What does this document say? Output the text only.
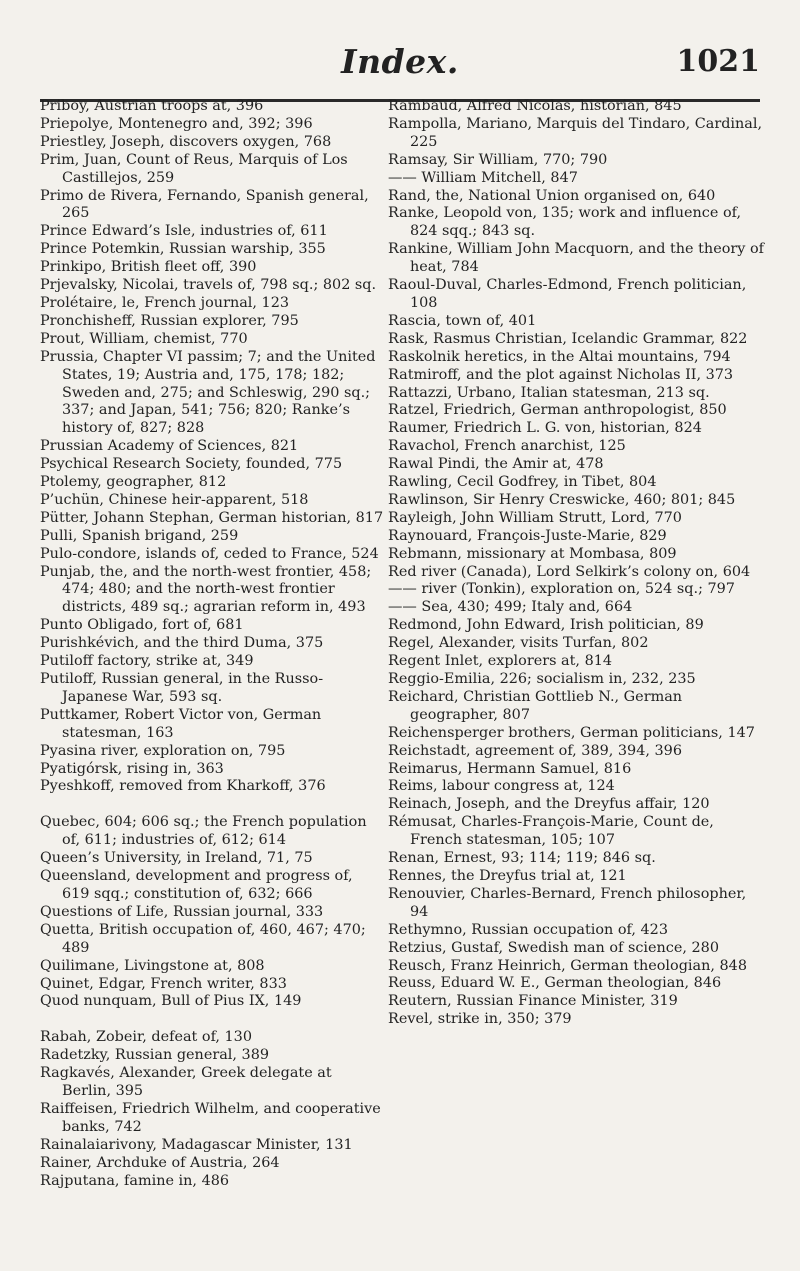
Index.	1021
Priboy, Austrian troops at, 396
Priepolye, Montenegro and, 392; 396
Priestley, Joseph, discovers oxygen, 768
Prim, Juan, Count of Reus, Marquis of Los Castillejos, 259
Primo de Rivera, Fernando, Spanish general, 265
Prince Edward’s Isle, industries of, 611
Prince Potemkin, Russian warship, 355
Prinkipo, British fleet off, 390
Prjevalsky, Nicolai, travels of, 798 sq.; 802 sq.
Prolétaire, le, French journal, 123
Pronchisheff, Russian explorer, 795
Prout, William, chemist, 770
Prussia, Chapter VI passim; 7; and the United States, 19; Austria and, 175, 178; 182; Sweden and, 275; and Schleswig, 290 sq.; 337; and Japan, 541; 756; 820; Ranke’s history of, 827; 828
Prussian Academy of Sciences, 821
Psychical Research Society, founded, 775
Ptolemy, geographer, 812
P’uchün, Chinese heir-apparent, 518
Pütter, Johann Stephan, German historian, 817
Pulli, Spanish brigand, 259
Pulo-condore, islands of, ceded to France, 524
Punjab, the, and the north-west frontier, 458; 474; 480; and the north-west frontier districts, 489 sq.; agrarian reform in, 493
Punto Obligado, fort of, 681
Purishkévich, and the third Duma, 375
Putiloff factory, strike at, 349
Putiloff, Russian general, in the Russo-Japanese War, 593 sq.
Puttkamer, Robert Victor von, German statesman, 163
Pyasina river, exploration on, 795
Pyatigórsk, rising in, 363
Pyeshkoff, removed from Kharkoff, 376
Quebec, 604; 606 sq.; the French population of, 611; industries of, 612; 614
Queen’s University, in Ireland, 71, 75
Queensland, development and progress of, 619 sqq.; constitution of, 632; 666
Questions of Life, Russian journal, 333
Quetta, British occupation of, 460, 467; 470; 489
Quilimane, Livingstone at, 808
Quinet, Edgar, French writer, 833
Quod nunquam, Bull of Pius IX, 149
Rabah, Zobeir, defeat of, 130
Radetzky, Russian general, 389
Ragkavés, Alexander, Greek delegate at Berlin, 395
Raiffeisen, Friedrich Wilhelm, and cooperative banks, 742
Rainalaiarivony, Madagascar Minister, 131
Rainer, Archduke of Austria, 264
Rajputana, famine in, 486
Rambaud, Alfred Nicolas, historian, 845
Rampolla, Mariano, Marquis del Tindaro, Cardinal, 225
Ramsay, Sir William, 770; 790
—— William Mitchell, 847
Rand, the, National Union organised on, 640
Ranke, Leopold von, 135; work and influence of, 824 sqq.; 843 sq.
Rankine, William John Macquorn, and the theory of heat, 784
Raoul-Duval, Charles-Edmond, French politician, 108
Rascia, town of, 401
Rask, Rasmus Christian, Icelandic Grammar, 822
Raskolnik heretics, in the Altai mountains, 794
Ratmiroff, and the plot against Nicholas II, 373
Rattazzi, Urbano, Italian statesman, 213 sq.
Ratzel, Friedrich, German anthropologist, 850
Raumer, Friedrich L. G. von, historian, 824
Ravachol, French anarchist, 125
Rawal Pindi, the Amir at, 478
Rawling, Cecil Godfrey, in Tibet, 804
Rawlinson, Sir Henry Creswicke, 460; 801; 845
Rayleigh, John William Strutt, Lord, 770
Raynouard, François-Juste-Marie, 829
Rebmann, missionary at Mombasa, 809
Red river (Canada), Lord Selkirk’s colony on, 604
—— river (Tonkin), exploration on, 524 sq.; 797
—— Sea, 430; 499; Italy and, 664
Redmond, John Edward, Irish politician, 89
Regel, Alexander, visits Turfan, 802
Regent Inlet, explorers at, 814
Reggio-Emilia, 226; socialism in, 232, 235
Reichard, Christian Gottlieb N., German geographer, 807
Reichensperger brothers, German politicians, 147
Reichstadt, agreement of, 389, 394, 396
Reimarus, Hermann Samuel, 816
Reims, labour congress at, 124
Reinach, Joseph, and the Dreyfus affair, 120
Rémusat, Charles-François-Marie, Count de, French statesman, 105; 107
Renan, Ernest, 93; 114; 119; 846 sq.
Rennes, the Dreyfus trial at, 121
Renouvier, Charles-Bernard, French philosopher, 94
Rethymno, Russian occupation of, 423
Retzius, Gustaf, Swedish man of science, 280
Reusch, Franz Heinrich, German theologian, 848
Reuss, Eduard W. E., German theologian, 846
Reutern, Russian Finance Minister, 319
Revel, strike in, 350; 379
